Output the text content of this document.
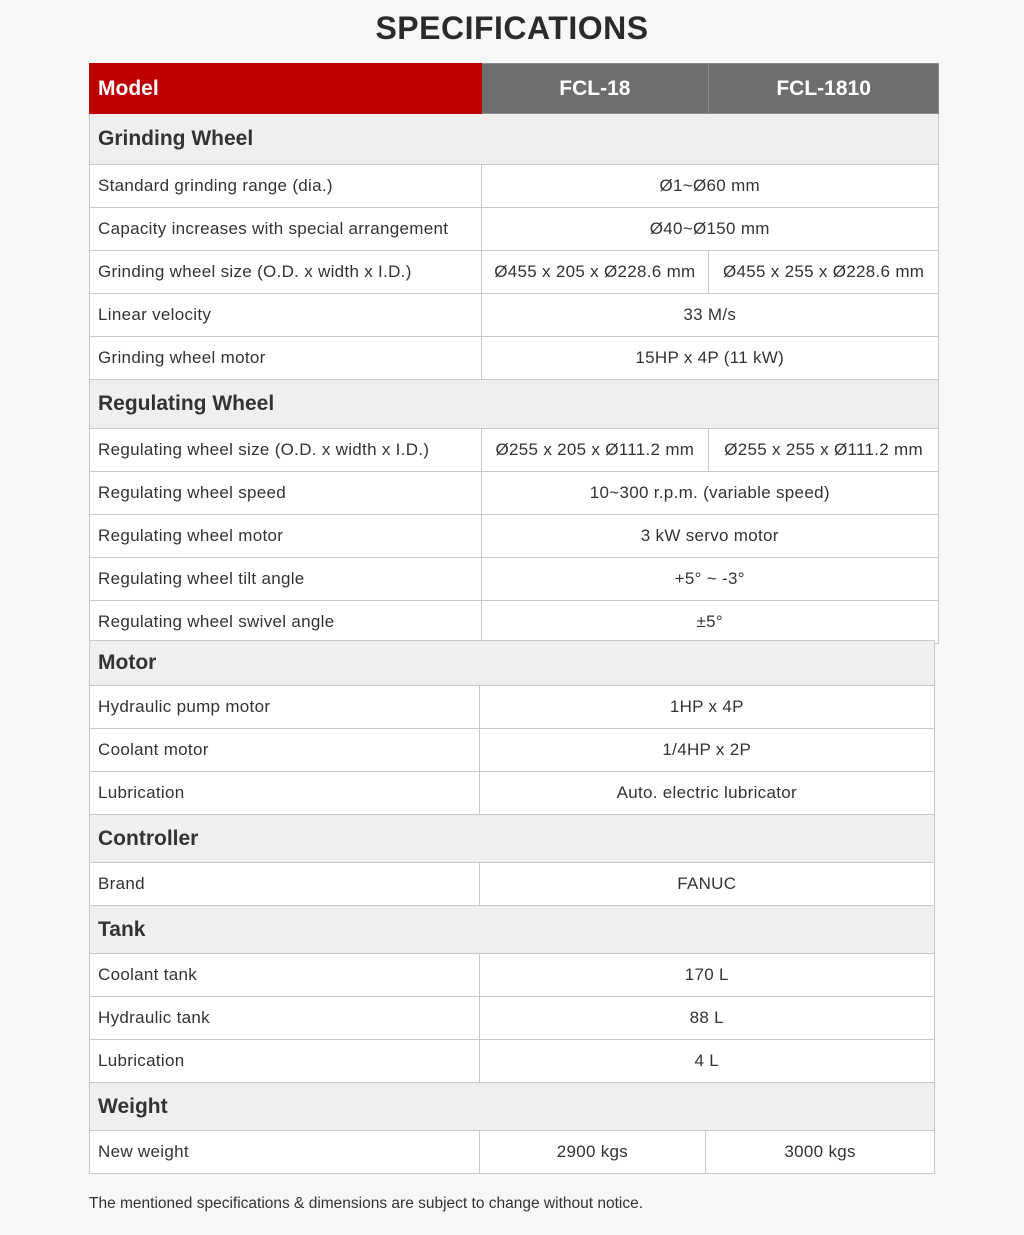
SPECIFICATIONS
Model	FCL-18	FCL-1810
Grinding Wheel		
Standard grinding range (dia.)	Ø1~Ø60 mm	
Capacity increases with special arrangement	Ø40~Ø150 mm	
Grinding wheel size (O.D. x width x I.D.)	Ø455 x 205 x Ø228.6 mm	Ø455 x 255 x Ø228.6 mm
Linear velocity	33 M/s	
Grinding wheel motor	15HP x 4P (11 kW)	
Regulating Wheel		
Regulating wheel size (O.D. x width x I.D.)	Ø255 x 205 x Ø111.2 mm	Ø255 x 255 x Ø111.2 mm
Regulating wheel speed	10~300 r.p.m. (variable speed)	
Regulating wheel motor	3 kW servo motor	
Regulating wheel tilt angle	+5° ~ -3°	
Regulating wheel swivel angle	±5°	
Motor		
Hydraulic pump motor	1HP x 4P	
Coolant motor	1/4HP x 2P	
Lubrication	Auto. electric lubricator	
Controller		
Brand	FANUC	
Tank		
Coolant tank	170 L	
Hydraulic tank	88 L	
Lubrication	4 L	
Weight		
New weight	2900 kgs	3000 kgs
The mentioned specifications & dimensions are subject to change without notice.
